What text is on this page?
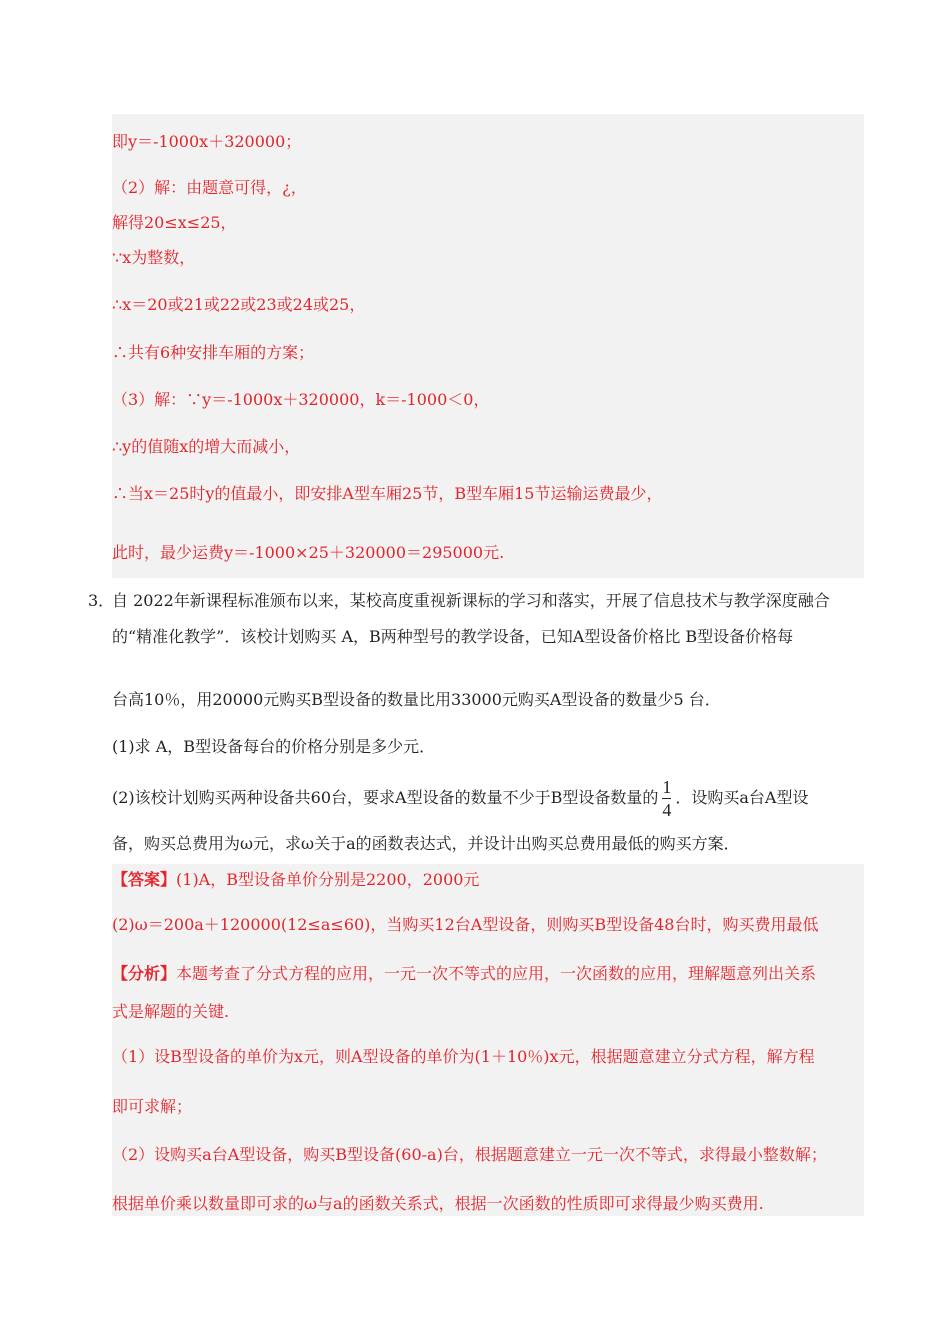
即y＝-1000x＋320000；
（2）解：由题意可得，¿，
解得20≤x≤25，
∵x为整数，
∴x＝20或21或22或23或24或25，
∴共有6种安排车厢的方案；
（3）解：∵y＝-1000x＋320000，k＝-1000＜0，
∴y的值随x的增大而减小，
∴当x＝25时y的值最小，即安排A型车厢25节，B型车厢15节运输运费最少，
此时，最少运费y＝-1000×25＋320000＝295000元.
3．
自 2022年新课程标准颁布以来，某校高度重视新课标的学习和落实，开展了信息技术与教学深度融合
的“精准化教学”．该校计划购买 A，B两种型号的教学设备，已知A型设备价格比 B型设备价格每
台高10％，用20000元购买B型设备的数量比用33000元购买A型设备的数量少5 台．
(1)求 A，B型设备每台的价格分别是多少元．
(2)该校计划购买两种设备共60台，要求A型设备的数量不少于B型设备数量的 $\frac{1}{4}$ ．设购买a台A型设
备，购买总费用为ω元，求ω关于a的函数表达式，并设计出购买总费用最低的购买方案．
【答案】(1)A，B型设备单价分别是2200，2000元
(2)ω＝200a＋120000(12≤a≤60)，当购买12台A型设备，则购买B型设备48台时，购买费用最低
【分析】本题考查了分式方程的应用，一元一次不等式的应用，一次函数的应用，理解题意列出关系
式是解题的关键.
（1）设B型设备的单价为x元，则A型设备的单价为(1＋10％)x元，根据题意建立分式方程，解方程
即可求解；
（2）设购买a台A型设备，购买B型设备(60-a)台，根据题意建立一元一次不等式，求得最小整数解；
根据单价乘以数量即可求的ω与a的函数关系式，根据一次函数的性质即可求得最少购买费用.
